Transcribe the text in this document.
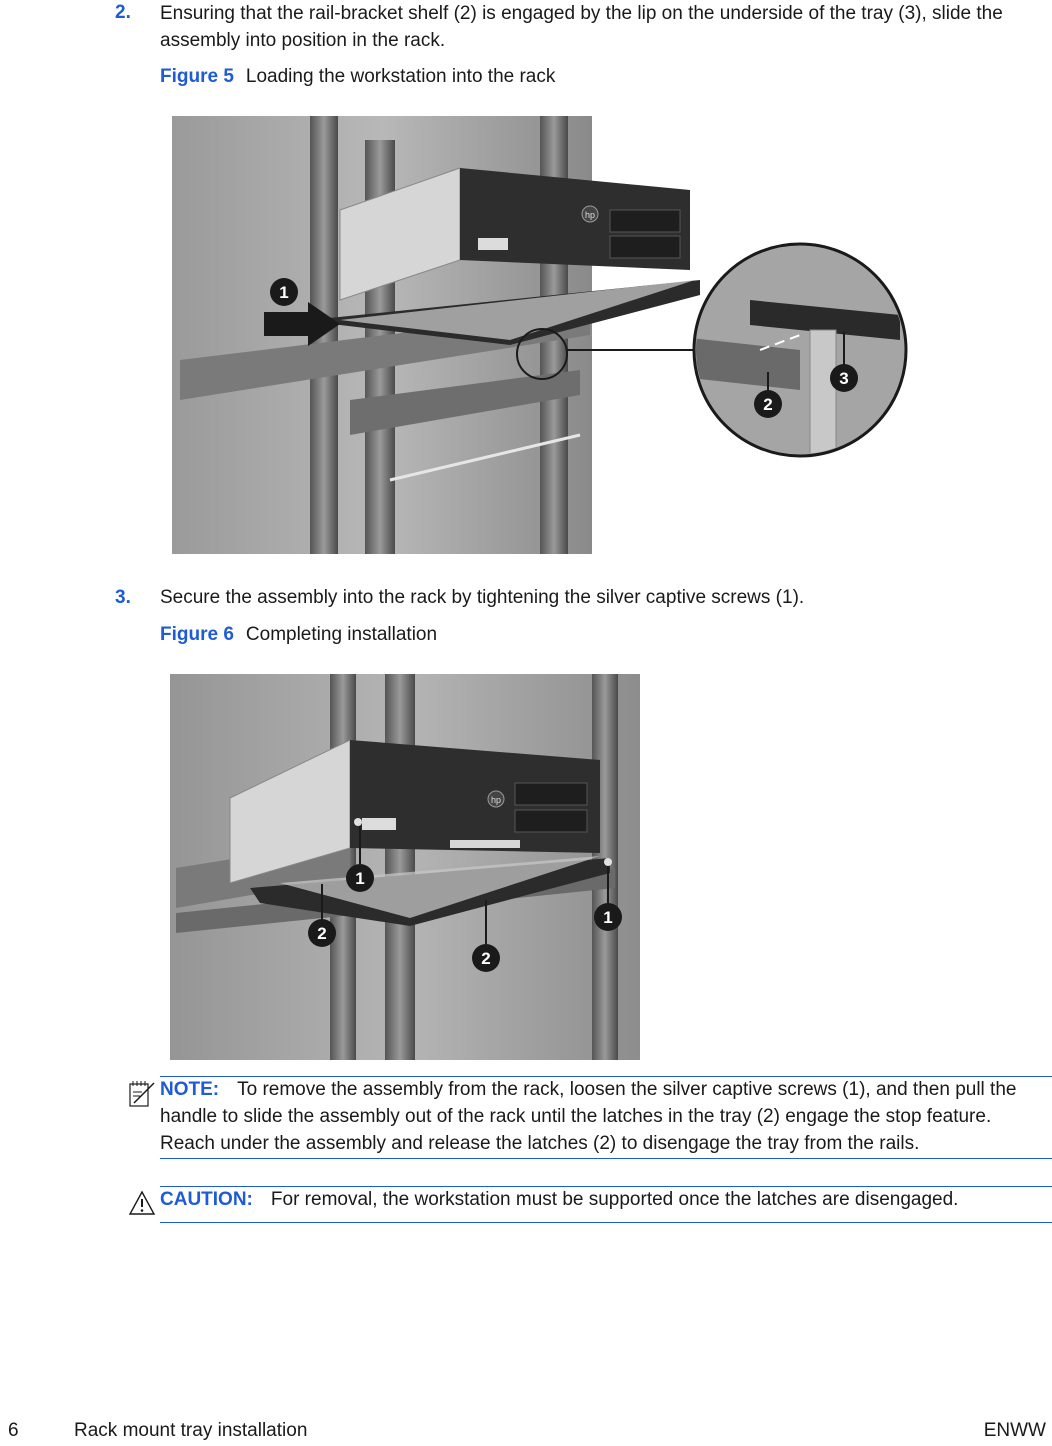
2. Ensuring that the rail-bracket shelf (2) is engaged by the lip on the underside of the tray (3), slide the assembly into position in the rack.
Figure 5 Loading the workstation into the rack
hp
1
2
3
3. Secure the assembly into the rack by tightening the silver captive screws (1).
Figure 6 Completing installation
hp
1
2
1
2
NOTE: To remove the assembly from the rack, loosen the silver captive screws (1), and then pull the handle to slide the assembly out of the rack until the latches in the tray (2) engage the stop feature. Reach under the assembly and release the latches (2) to disengage the tray from the rails.
CAUTION: For removal, the workstation must be supported once the latches are disengaged.
6	Rack mount tray installation	ENWW
